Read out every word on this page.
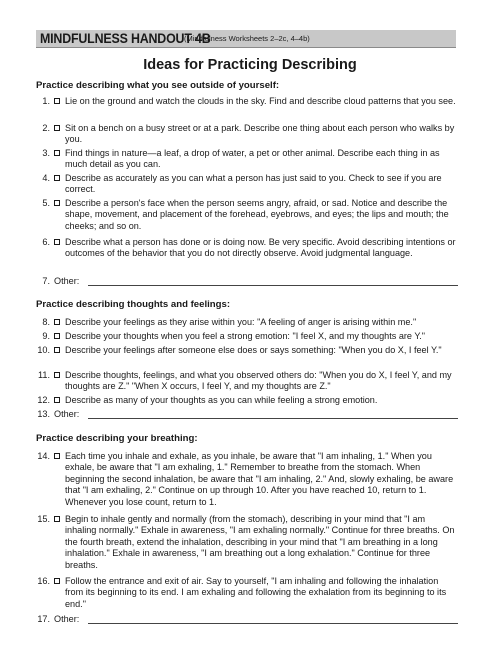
MINDFULNESS HANDOUT 4B
(Mindfulness Worksheets 2–2c, 4–4b)
Ideas for Practicing Describing
Practice describing what you see outside of yourself:
1. Lie on the ground and watch the clouds in the sky. Find and describe cloud patterns that you see.
2. Sit on a bench on a busy street or at a park. Describe one thing about each person who walks by you.
3. Find things in nature—a leaf, a drop of water, a pet or other animal. Describe each thing in as much detail as you can.
4. Describe as accurately as you can what a person has just said to you. Check to see if you are correct.
5. Describe a person's face when the person seems angry, afraid, or sad. Notice and describe the shape, movement, and placement of the forehead, eyebrows, and eyes; the lips and mouth; the cheeks; and so on.
6. Describe what a person has done or is doing now. Be very specific. Avoid describing intentions or outcomes of the behavior that you do not directly observe. Avoid judgmental language.
7. Other:
Practice describing thoughts and feelings:
8. Describe your feelings as they arise within you: "A feeling of anger is arising within me."
9. Describe your thoughts when you feel a strong emotion: "I feel X, and my thoughts are Y."
10. Describe your feelings after someone else does or says something: "When you do X, I feel Y."
11. Describe thoughts, feelings, and what you observed others do: "When you do X, I feel Y, and my thoughts are Z." "When X occurs, I feel Y, and my thoughts are Z."
12. Describe as many of your thoughts as you can while feeling a strong emotion.
13. Other:
Practice describing your breathing:
14. Each time you inhale and exhale, as you inhale, be aware that "I am inhaling, 1." When you exhale, be aware that "I am exhaling, 1." Remember to breathe from the stomach. When beginning the second inhalation, be aware that "I am inhaling, 2." And, slowly exhaling, be aware that "I am exhaling, 2." Continue on up through 10. After you have reached 10, return to 1. Whenever you lose count, return to 1.
15. Begin to inhale gently and normally (from the stomach), describing in your mind that "I am inhaling normally." Exhale in awareness, "I am exhaling normally." Continue for three breaths. On the fourth breath, extend the inhalation, describing in your mind that "I am breathing in a long inhalation." Exhale in awareness, "I am breathing out a long exhalation." Continue for three breaths.
16. Follow the entrance and exit of air. Say to yourself, "I am inhaling and following the inhalation from its beginning to its end. I am exhaling and following the exhalation from its beginning to its end."
17. Other:
